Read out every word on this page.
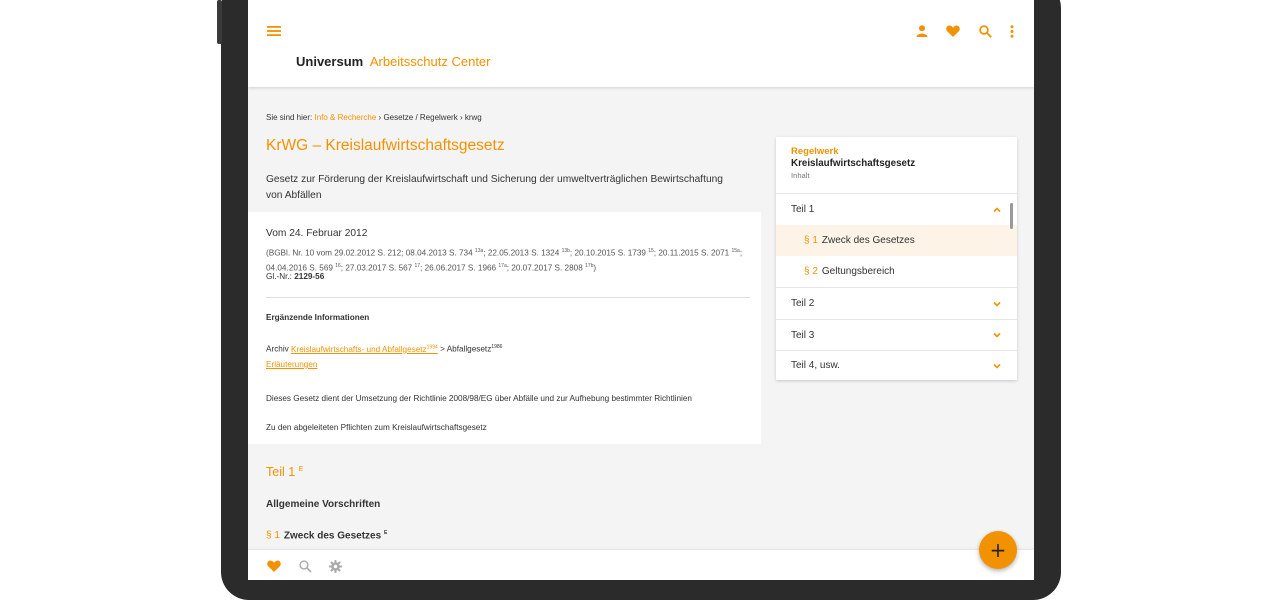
Universum Arbeitsschutz Center
Sie sind hier: Info & Recherche › Gesetze / Regelwerk › krwg
KrWG – Kreislaufwirtschaftsgesetz
Gesetz zur Förderung der Kreislaufwirtschaft und Sicherung der umweltverträglichen Bewirtschaftung von Abfällen
Vom 24. Februar 2012
(BGBl. Nr. 10 vom 29.02.2012 S. 212; 08.04.2013 S. 734 $^{13a}$; 22.05.2013 S. 1324 $^{13b}$; 20.10.2015 S. 1739 $^{15}$; 20.11.2015 S. 2071 $^{15a}$; 04.04.2016 S. 569 $^{16}$; 27.03.2017 S. 567 $^{17}$; 26.06.2017 S. 1966 $^{17a}$; 20.07.2017 S. 2808 $^{17b}$)
Gl.-Nr.: 2129-56
Ergänzende Informationen
Archiv Kreislaufwirtschafts- und Abfallgesetz$^{1994}$ > Abfallgesetz$^{1986}$
Erläuterungen
Dieses Gesetz dient der Umsetzung der Richtlinie 2008/98/EG über Abfälle und zur Aufhebung bestimmter Richtlinien
Zu den abgeleiteten Pflichten zum Kreislaufwirtschaftsgesetz
Teil 1 $^E$
Allgemeine Vorschriften
§ 1 Zweck des Gesetzes $^E$
Regelwerk
Kreislaufwirtschaftsgesetz
Inhalt
Teil 1
§ 1 Zweck des Gesetzes
§ 2 Geltungsbereich
Teil 2
Teil 3
Teil 4, usw.
+
